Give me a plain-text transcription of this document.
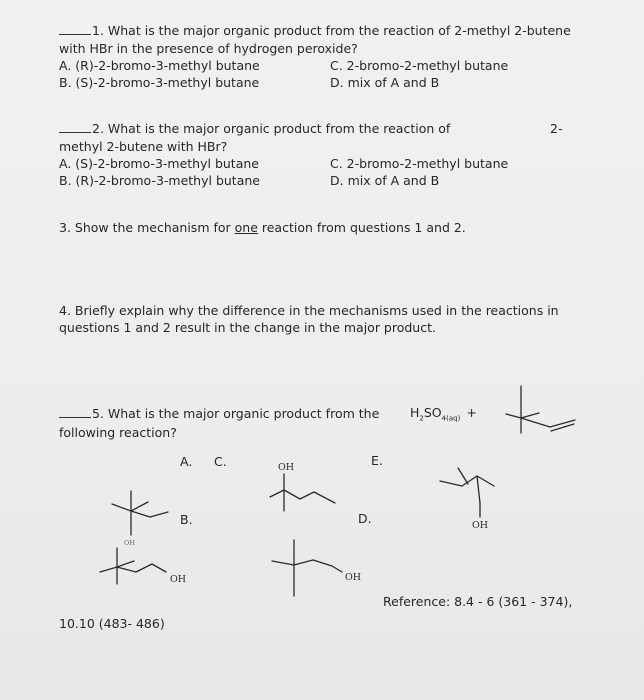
1. What is the major organic product from the reaction of 2-methyl 2-butene
with HBr in the presence of hydrogen peroxide?
A. (R)-2-bromo-3-methyl butane
B. (S)-2-bromo-3-methyl butane
C. 2-bromo-2-methyl butane
D. mix of A and B
2. What is the major organic product from the reaction of	2-
methyl 2-butene with HBr?
A. (S)-2-bromo-3-methyl butane
B. (R)-2-bromo-3-methyl butane
C. 2-bromo-2-methyl butane
D. mix of A and B
3. Show the mechanism for one reaction from questions 1 and 2.
4. Briefly explain why the difference in the mechanisms used in the reactions in
questions 1 and 2 result in the change in the major product.
5. What is the major organic product from the
following reaction?
$H_2SO_{4(aq)}$ +
A. C.	E.
B.	D.
OH
OH
OH
OH	OH
10.10 (483- 486)
Reference: 8.4 - 6 (361 - 374),
